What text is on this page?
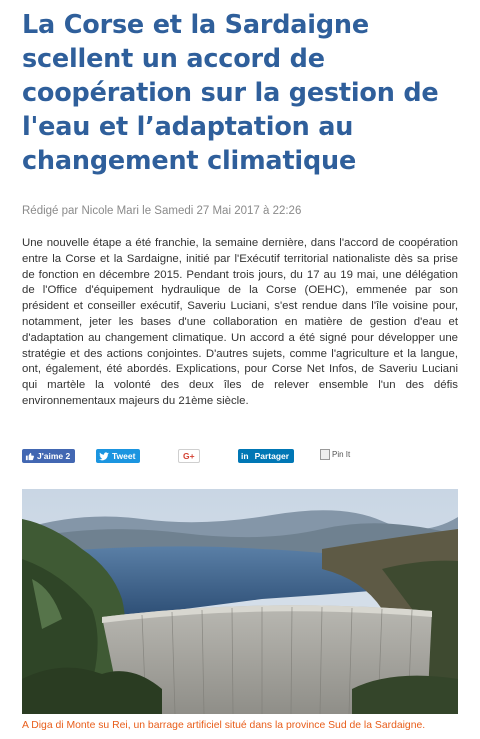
La Corse et la Sardaigne scellent un accord de coopération sur la gestion de l'eau et l’adaptation au changement climatique
Rédigé par Nicole Mari le Samedi 27 Mai 2017 à 22:26

Une nouvelle étape a été franchie, la semaine dernière, dans l'accord de coopération entre la Corse et la Sardaigne, initié par l'Exécutif territorial nationaliste dès sa prise de fonction en décembre 2015. Pendant trois jours, du 17 au 19 mai, une délégation de l'Office d'équipement hydraulique de la Corse (OEHC), emmenée par son président et conseiller exécutif, Saveriu Luciani, s'est rendue dans l'île voisine pour, notamment, jeter les bases d'une collaboration en matière de gestion d'eau et d'adaptation au changement climatique. Un accord a été signé pour développer une stratégie et des actions conjointes. D'autres sujets, comme l'agriculture et la langue, ont, également, été abordés. Explications, pour Corse Net Infos, de Saveriu Luciani qui martèle la volonté des deux îles de relever ensemble l'un des défis environnementaux majeurs du 21ème siècle.

J'aime 2	Tweet	G+	in Partager	Pin It
A Diga di Monte su Rei, un barrage artificiel situé dans la province Sud de la Sardaigne.
